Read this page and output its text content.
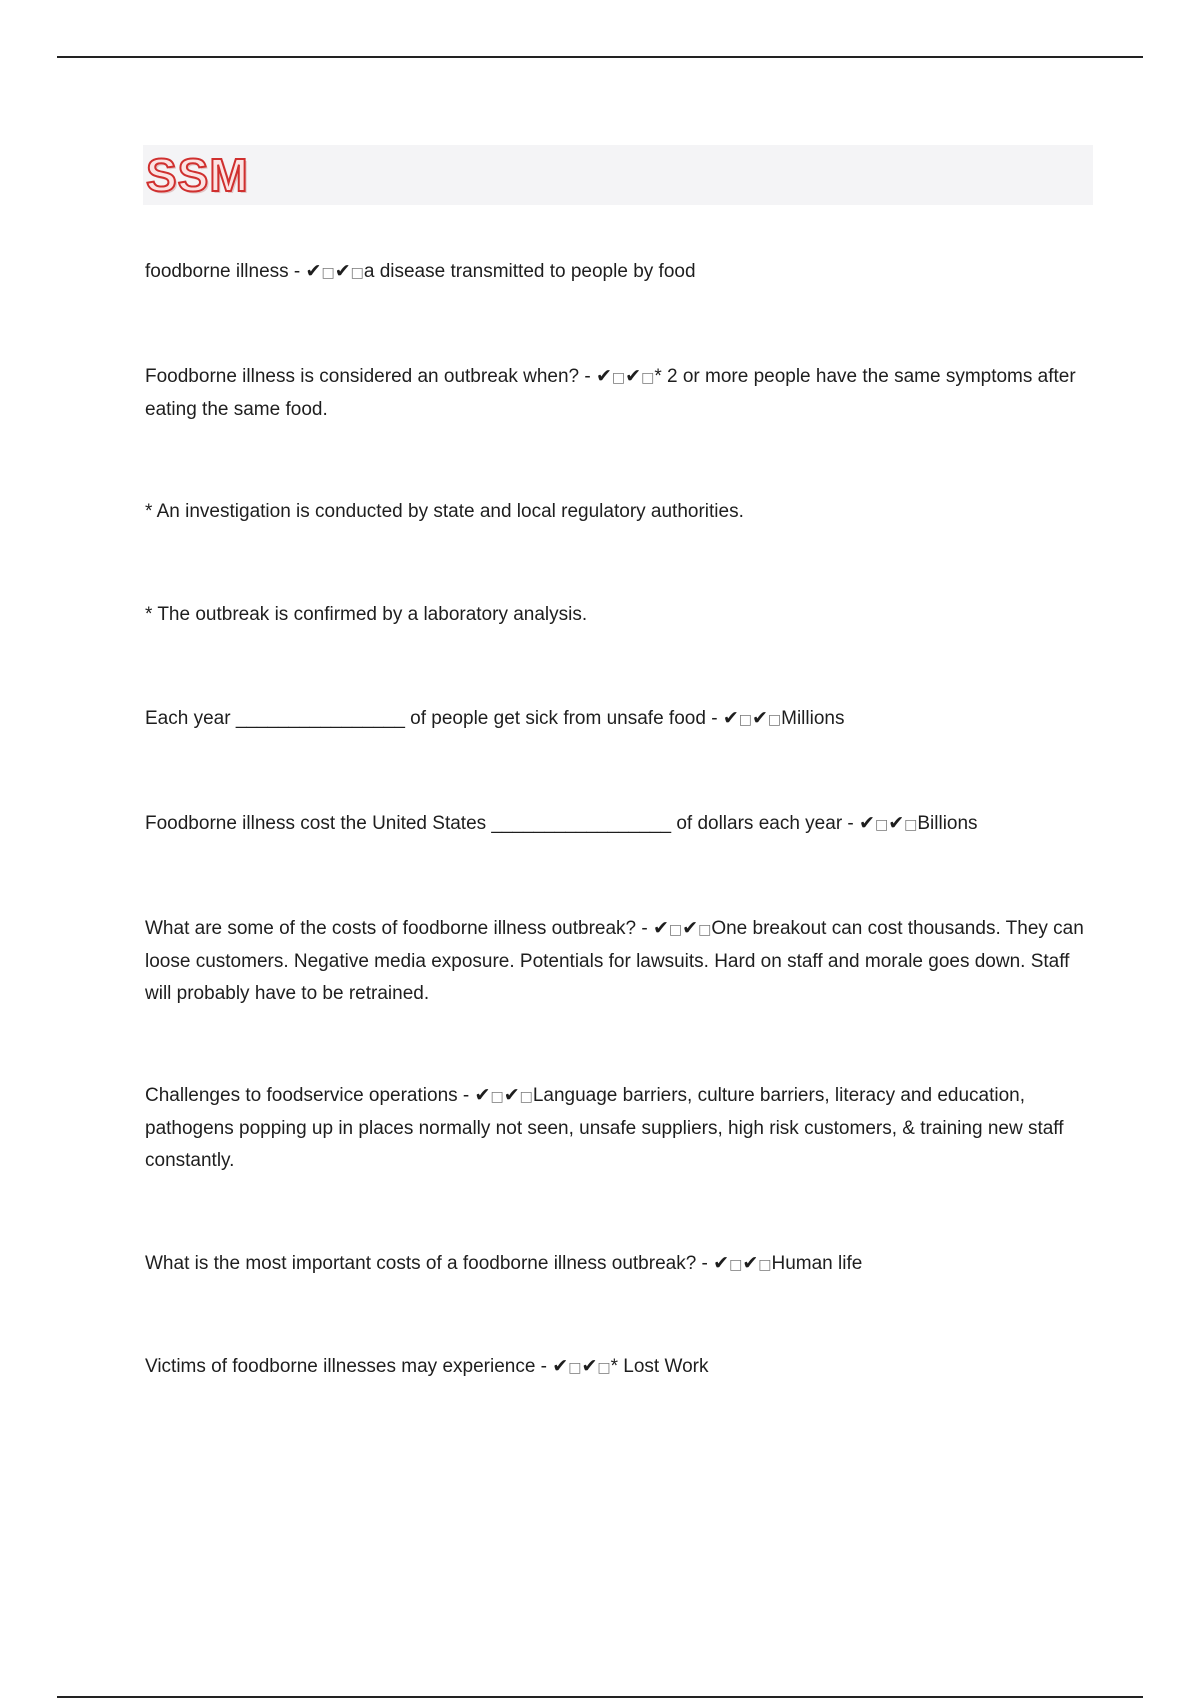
SSM

foodborne illness - ✔□✔□a disease transmitted to people by food

Foodborne illness is considered an outbreak when? - ✔□✔□* 2 or more people have the same symptoms after eating the same food.

* An investigation is conducted by state and local regulatory authorities.

* The outbreak is confirmed by a laboratory analysis.

Each year ________________ of people get sick from unsafe food - ✔□✔□Millions

Foodborne illness cost the United States _________________ of dollars each year - ✔□✔□Billions

What are some of the costs of foodborne illness outbreak? - ✔□✔□One breakout can cost thousands. They can loose customers. Negative media exposure. Potentials for lawsuits. Hard on staff and morale goes down. Staff will probably have to be retrained.

Challenges to foodservice operations - ✔□✔□Language barriers, culture barriers, literacy and education, pathogens popping up in places normally not seen, unsafe suppliers, high risk customers, & training new staff constantly.

What is the most important costs of a foodborne illness outbreak? - ✔□✔□Human life

Victims of foodborne illnesses may experience - ✔□✔□* Lost Work
